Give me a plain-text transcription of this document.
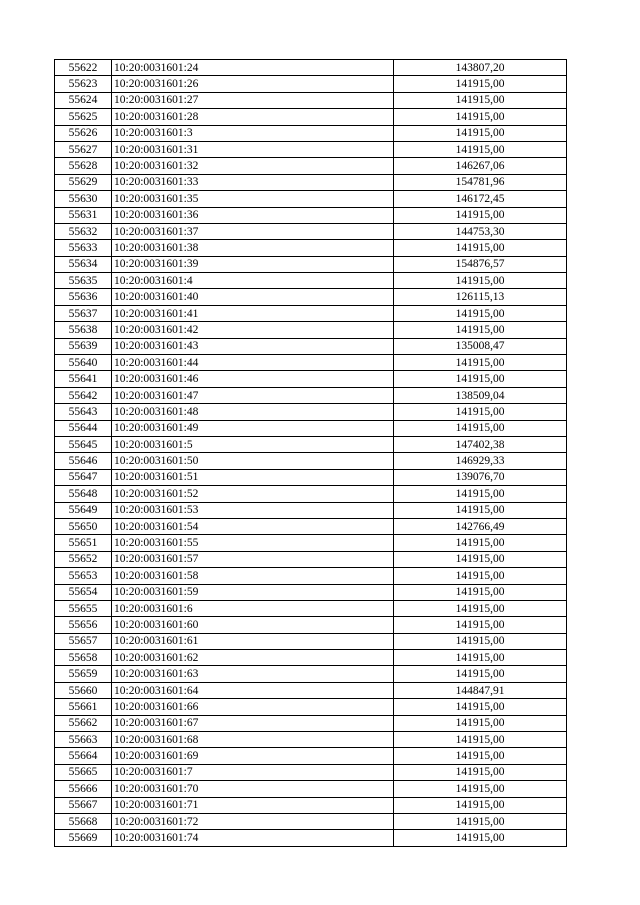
55622	10:20:0031601:24	143807,20
55623	10:20:0031601:26	141915,00
55624	10:20:0031601:27	141915,00
55625	10:20:0031601:28	141915,00
55626	10:20:0031601:3	141915,00
55627	10:20:0031601:31	141915,00
55628	10:20:0031601:32	146267,06
55629	10:20:0031601:33	154781,96
55630	10:20:0031601:35	146172,45
55631	10:20:0031601:36	141915,00
55632	10:20:0031601:37	144753,30
55633	10:20:0031601:38	141915,00
55634	10:20:0031601:39	154876,57
55635	10:20:0031601:4	141915,00
55636	10:20:0031601:40	126115,13
55637	10:20:0031601:41	141915,00
55638	10:20:0031601:42	141915,00
55639	10:20:0031601:43	135008,47
55640	10:20:0031601:44	141915,00
55641	10:20:0031601:46	141915,00
55642	10:20:0031601:47	138509,04
55643	10:20:0031601:48	141915,00
55644	10:20:0031601:49	141915,00
55645	10:20:0031601:5	147402,38
55646	10:20:0031601:50	146929,33
55647	10:20:0031601:51	139076,70
55648	10:20:0031601:52	141915,00
55649	10:20:0031601:53	141915,00
55650	10:20:0031601:54	142766,49
55651	10:20:0031601:55	141915,00
55652	10:20:0031601:57	141915,00
55653	10:20:0031601:58	141915,00
55654	10:20:0031601:59	141915,00
55655	10:20:0031601:6	141915,00
55656	10:20:0031601:60	141915,00
55657	10:20:0031601:61	141915,00
55658	10:20:0031601:62	141915,00
55659	10:20:0031601:63	141915,00
55660	10:20:0031601:64	144847,91
55661	10:20:0031601:66	141915,00
55662	10:20:0031601:67	141915,00
55663	10:20:0031601:68	141915,00
55664	10:20:0031601:69	141915,00
55665	10:20:0031601:7	141915,00
55666	10:20:0031601:70	141915,00
55667	10:20:0031601:71	141915,00
55668	10:20:0031601:72	141915,00
55669	10:20:0031601:74	141915,00
